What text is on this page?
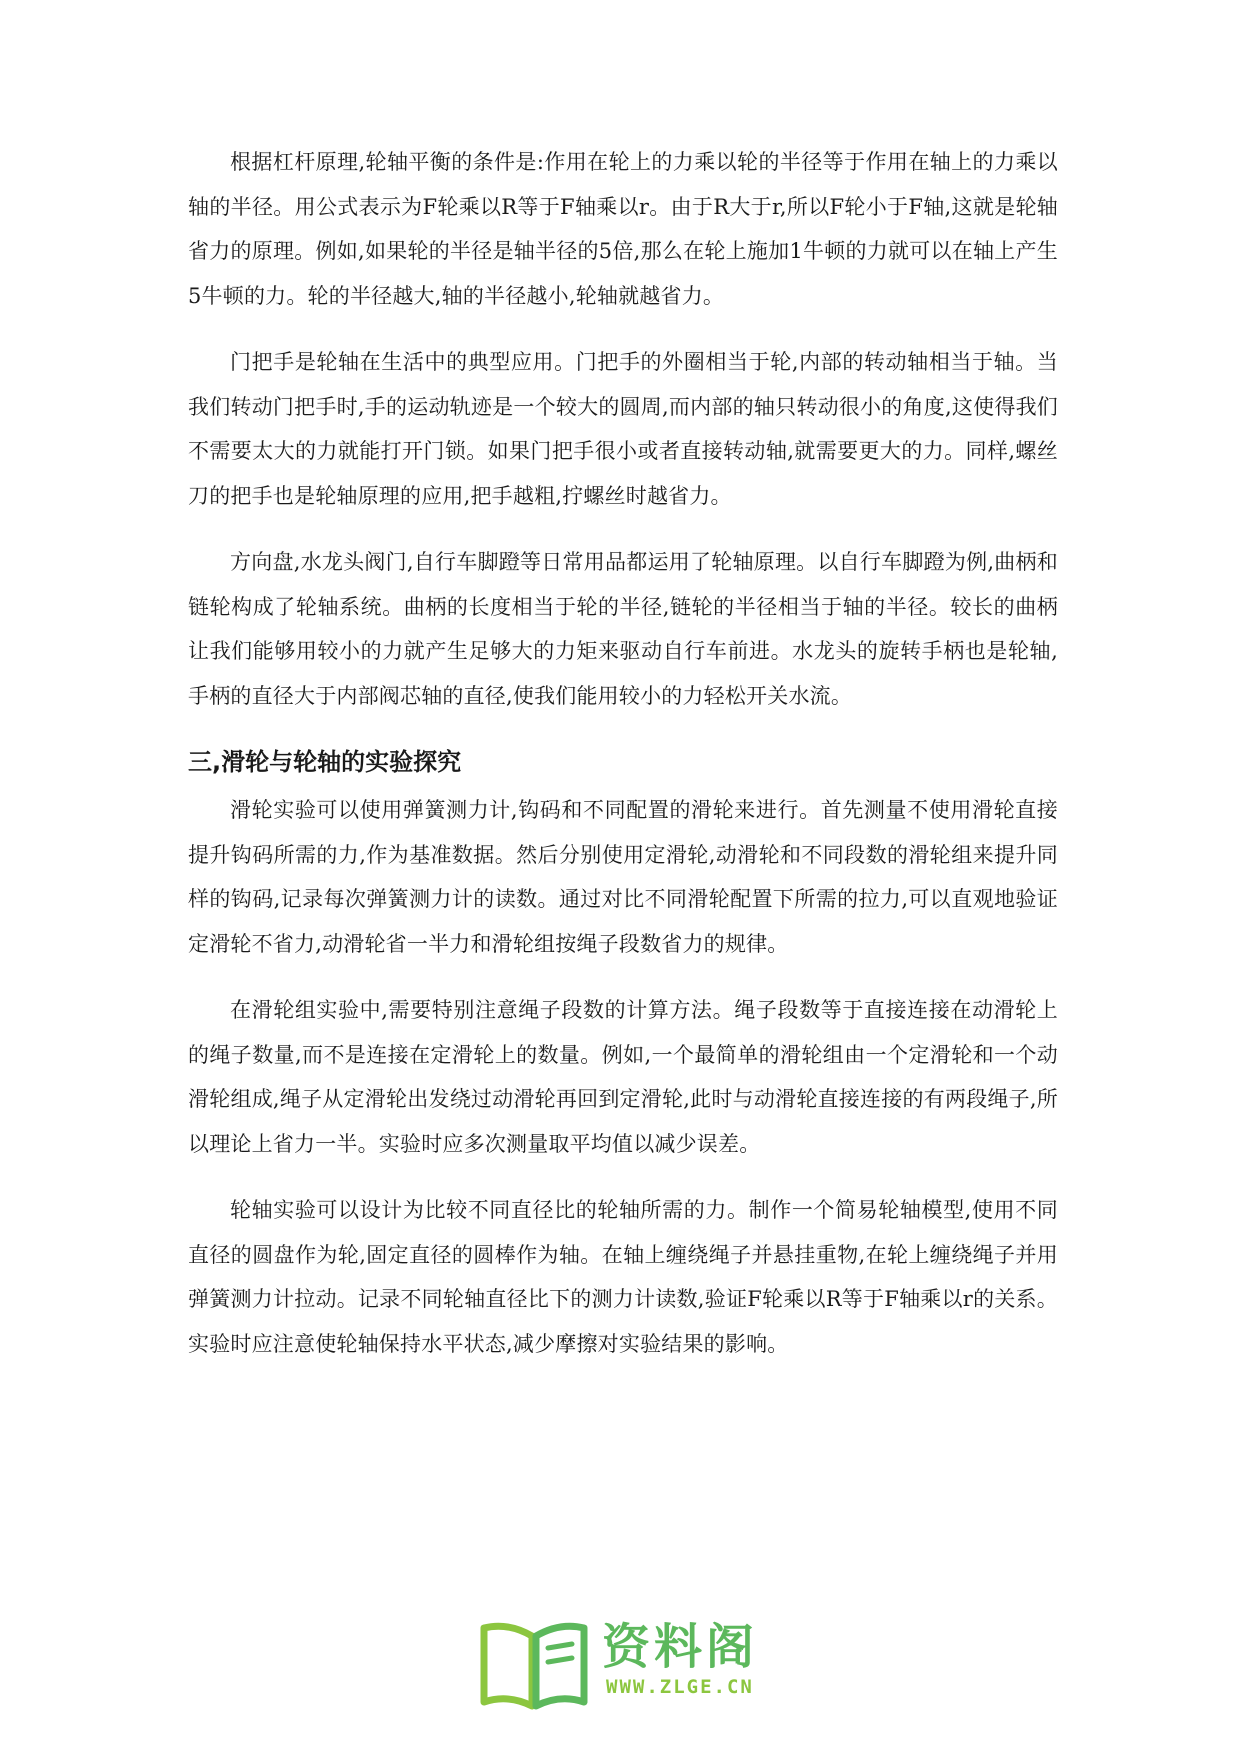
根据杠杆原理,轮轴平衡的条件是:作用在轮上的力乘以轮的半径等于作用在轴上的力乘以轴的半径。用公式表示为F轮乘以R等于F轴乘以r。由于R大于r,所以F轮小于F轴,这就是轮轴省力的原理。例如,如果轮的半径是轴半径的5倍,那么在轮上施加1牛顿的力就可以在轴上产生5牛顿的力。轮的半径越大,轴的半径越小,轮轴就越省力。

门把手是轮轴在生活中的典型应用。门把手的外圈相当于轮,内部的转动轴相当于轴。当我们转动门把手时,手的运动轨迹是一个较大的圆周,而内部的轴只转动很小的角度,这使得我们不需要太大的力就能打开门锁。如果门把手很小或者直接转动轴,就需要更大的力。同样,螺丝刀的把手也是轮轴原理的应用,把手越粗,拧螺丝时越省力。

方向盘,水龙头阀门,自行车脚蹬等日常用品都运用了轮轴原理。以自行车脚蹬为例,曲柄和链轮构成了轮轴系统。曲柄的长度相当于轮的半径,链轮的半径相当于轴的半径。较长的曲柄让我们能够用较小的力就产生足够大的力矩来驱动自行车前进。水龙头的旋转手柄也是轮轴,手柄的直径大于内部阀芯轴的直径,使我们能用较小的力轻松开关水流。

三,滑轮与轮轴的实验探究

滑轮实验可以使用弹簧测力计,钩码和不同配置的滑轮来进行。首先测量不使用滑轮直接提升钩码所需的力,作为基准数据。然后分别使用定滑轮,动滑轮和不同段数的滑轮组来提升同样的钩码,记录每次弹簧测力计的读数。通过对比不同滑轮配置下所需的拉力,可以直观地验证定滑轮不省力,动滑轮省一半力和滑轮组按绳子段数省力的规律。

在滑轮组实验中,需要特别注意绳子段数的计算方法。绳子段数等于直接连接在动滑轮上的绳子数量,而不是连接在定滑轮上的数量。例如,一个最简单的滑轮组由一个定滑轮和一个动滑轮组成,绳子从定滑轮出发绕过动滑轮再回到定滑轮,此时与动滑轮直接连接的有两段绳子,所以理论上省力一半。实验时应多次测量取平均值以减少误差。

轮轴实验可以设计为比较不同直径比的轮轴所需的力。制作一个简易轮轴模型,使用不同直径的圆盘作为轮,固定直径的圆棒作为轴。在轴上缠绕绳子并悬挂重物,在轮上缠绕绳子并用弹簧测力计拉动。记录不同轮轴直径比下的测力计读数,验证F轮乘以R等于F轴乘以r的关系。实验时应注意使轮轴保持水平状态,减少摩擦对实验结果的影响。

资料阁
WWW.ZLGE.CN
